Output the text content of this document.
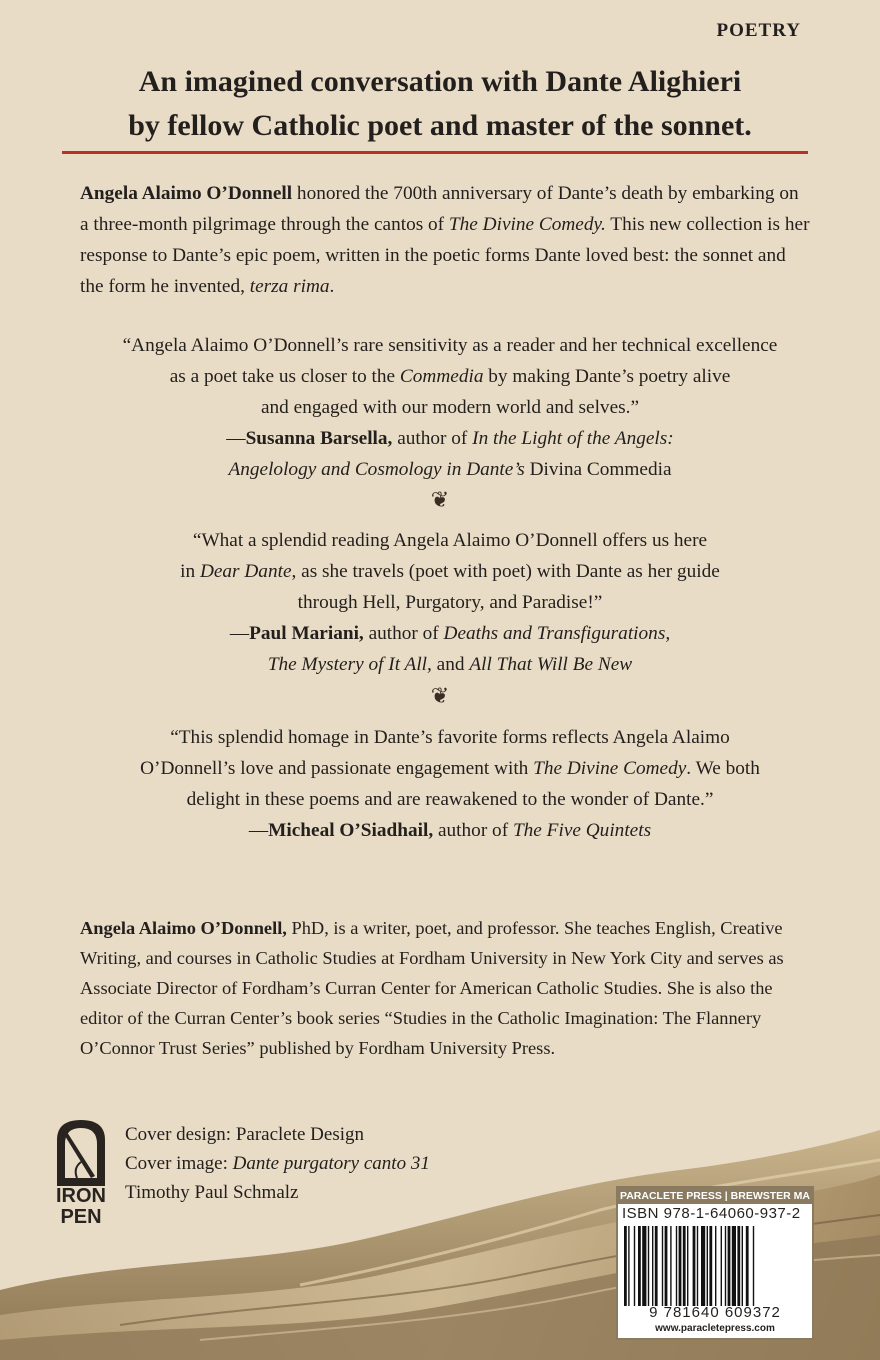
POETRY
An imagined conversation with Dante Alighieri
by fellow Catholic poet and master of the sonnet.
Angela Alaimo O’Donnell honored the 700th anniversary of Dante’s death by embarking on a three-month pilgrimage through the cantos of The Divine Comedy. This new collection is her response to Dante’s epic poem, written in the poetic forms Dante loved best: the sonnet and the form he invented, terza rima.
“Angela Alaimo O’Donnell’s rare sensitivity as a reader and her technical excellence
as a poet take us closer to the Commedia by making Dante’s poetry alive
and engaged with our modern world and selves.”
—Susanna Barsella, author of In the Light of the Angels:
Angelology and Cosmology in Dante’s Divina Commedia
❦
“What a splendid reading Angela Alaimo O’Donnell offers us here
in Dear Dante, as she travels (poet with poet) with Dante as her guide
through Hell, Purgatory, and Paradise!”
—Paul Mariani, author of Deaths and Transfigurations,
The Mystery of It All, and All That Will Be New
❦
“This splendid homage in Dante’s favorite forms reflects Angela Alaimo
O’Donnell’s love and passionate engagement with The Divine Comedy. We both
delight in these poems and are reawakened to the wonder of Dante.”
—Micheal O’Siadhail, author of The Five Quintets
Angela Alaimo O’Donnell, PhD, is a writer, poet, and professor. She teaches English, Creative Writing, and courses in Catholic Studies at Fordham University in New York City and serves as Associate Director of Fordham’s Curran Center for American Catholic Studies. She is also the editor of the Curran Center’s book series “Studies in the Catholic Imagination: The Flannery O’Connor Trust Series” published by Fordham University Press.
IRON
PEN
Cover design: Paraclete Design
Cover image: Dante purgatory canto 31
Timothy Paul Schmalz	PARACLETE PRESS | BREWSTER MA
ISBN 978-1-64060-937-2
9 781640 609372
www.paracletepress.com
